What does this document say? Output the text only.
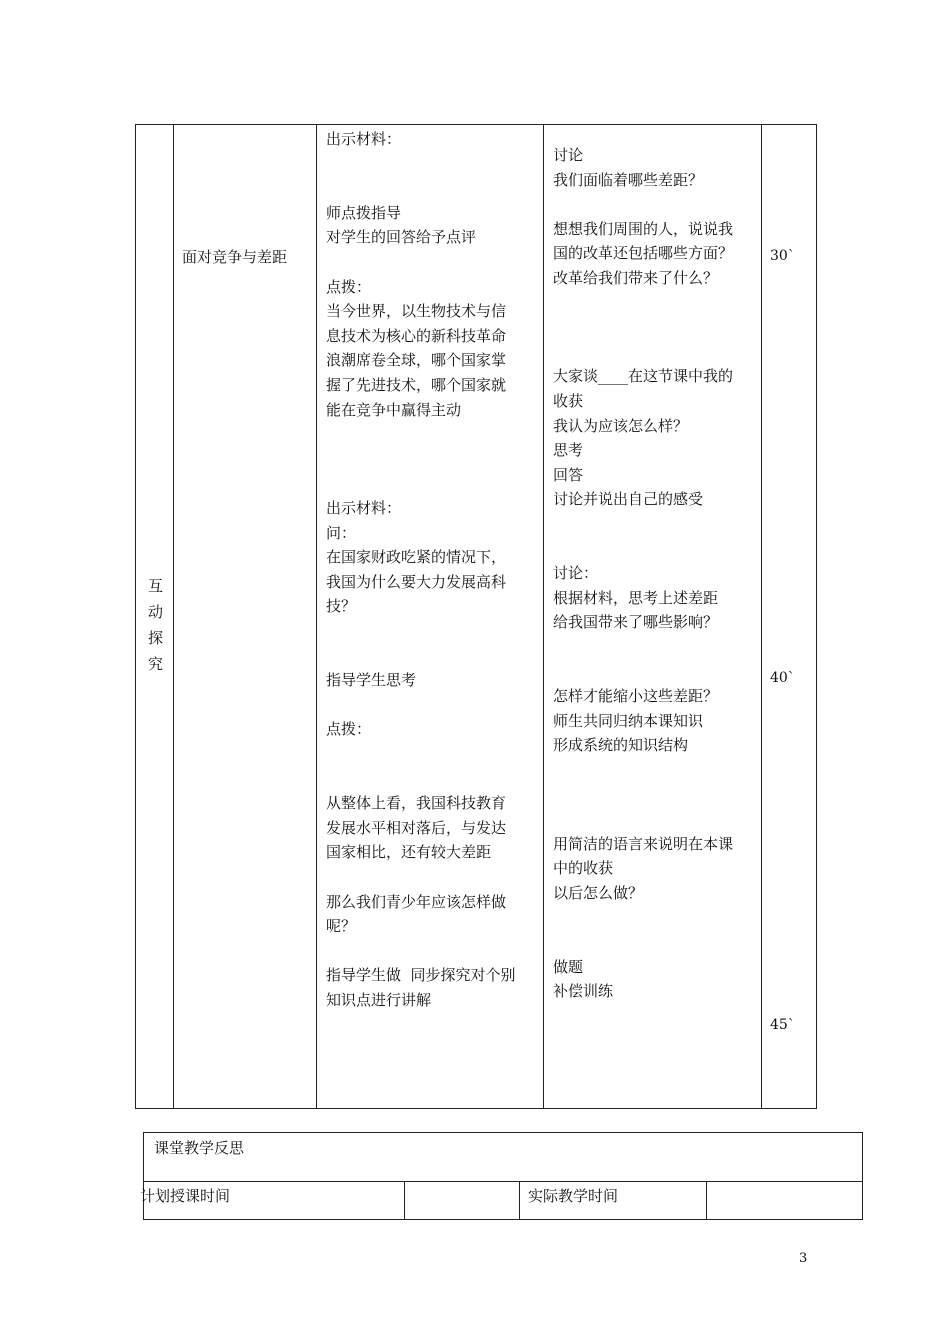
互动探究
面对竞争与差距
出示材料：
师点拨指导
对学生的回答给予点评
点拨：
当今世界，以生物技术与信
息技术为核心的新科技革命
浪潮席卷全球，哪个国家掌
握了先进技术，哪个国家就
能在竞争中赢得主动
出示材料：
问：
在国家财政吃紧的情况下，
我国为什么要大力发展高科
技？
指导学生思考
点拨：
从整体上看，我国科技教育
发展水平相对落后，与发达
国家相比，还有较大差距
那么我们青少年应该怎样做
呢？
指导学生做  同步探究对个别
知识点进行讲解
讨论
我们面临着哪些差距？
想想我们周围的人，说说我
国的改革还包括哪些方面？
改革给我们带来了什么？
大家谈____在这节课中我的
收获
我认为应该怎么样？
思考
回答
讨论并说出自己的感受
讨论：
根据材料，思考上述差距
给我国带来了哪些影响？
怎样才能缩小这些差距？
师生共同归纳本课知识
形成系统的知识结构
用简洁的语言来说明在本课
中的收获
以后怎么做？
做题
补偿训练
30`
40`
45`
课堂教学反思
计划授课时间	实际教学时间
3
